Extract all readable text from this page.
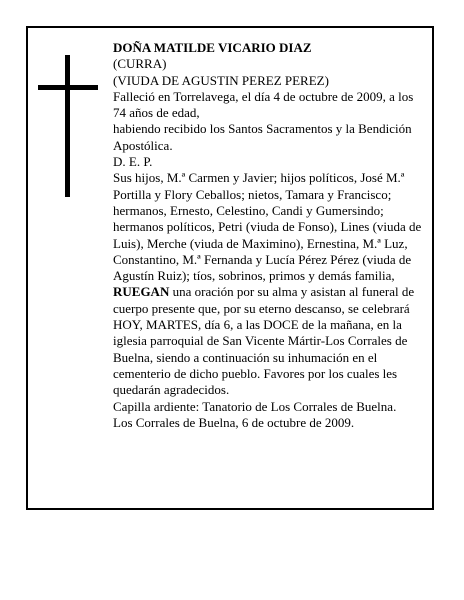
DOÑA MATILDE VICARIO DIAZ

(CURRA)

(VIUDA DE AGUSTIN PEREZ PEREZ)

Falleció en Torrelavega, el día 4 de octubre de 2009, a los 74 años de edad,

habiendo recibido los Santos Sacramentos y la Bendición Apostólica.

D. E. P.

Sus hijos, M.ª Carmen y Javier; hijos políticos, José M.ª Portilla y Flory Ceballos; nietos, Tamara y Francisco; hermanos, Ernesto, Celestino, Candi y Gumersindo; hermanos políticos, Petri (viuda de Fonso), Lines (viuda de Luis), Merche (viuda de Maximino), Ernestina, M.ª Luz, Constantino, M.ª Fernanda y Lucía Pérez Pérez (viuda de Agustín Ruiz); tíos, sobrinos, primos y demás familia,

RUEGAN una oración por su alma y asistan al funeral de cuerpo presente que, por su eterno descanso, se celebrará HOY, MARTES, día 6, a las DOCE de la mañana, en la iglesia parroquial de San Vicente Mártir-Los Corrales de Buelna, siendo a continuación su inhumación en el cementerio de dicho pueblo. Favores por los cuales les quedarán agradecidos.

Capilla ardiente: Tanatorio de Los Corrales de Buelna.

Los Corrales de Buelna, 6 de octubre de 2009.
